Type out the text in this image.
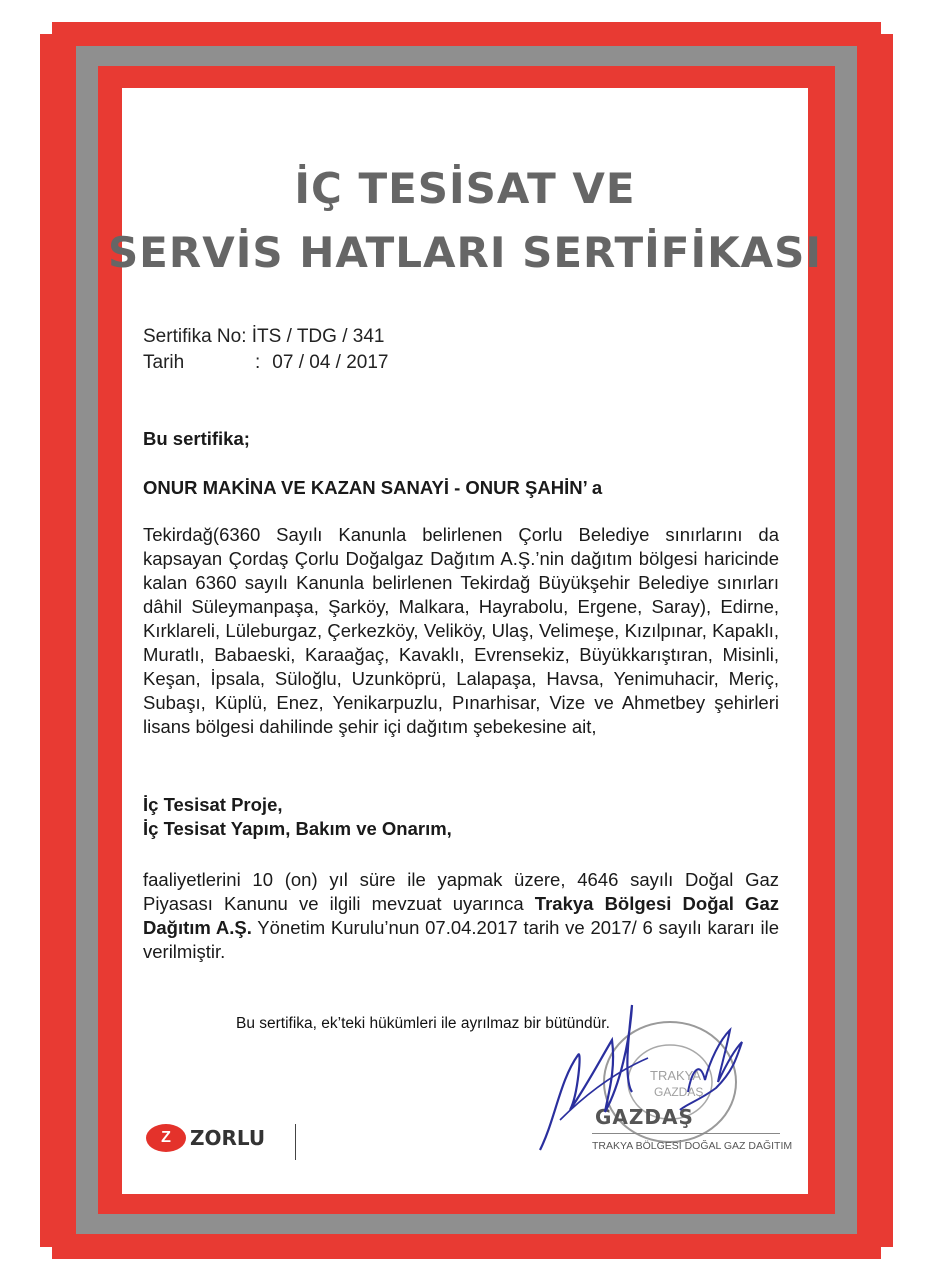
İÇ TESİSAT VE
SERVİS HATLARI SERTİFİKASI
Sertifika No: İTS / TDG / 341
Tarih	: 07 / 04 / 2017
Bu sertifika;
ONUR MAKİNA VE KAZAN SANAYİ - ONUR ŞAHİN’ a
Tekirdağ(6360 Sayılı Kanunla belirlenen Çorlu Belediye sınırlarını da kapsayan Çordaş Çorlu Doğalgaz Dağıtım A.Ş.’nin dağıtım bölgesi haricinde kalan 6360 sayılı Kanunla belirlenen Tekirdağ Büyükşehir Belediye sınırları dâhil Süleymanpaşa, Şarköy, Malkara, Hayrabolu, Ergene, Saray), Edirne, Kırklareli, Lüleburgaz, Çerkezköy, Veliköy, Ulaş, Velimeşe, Kızılpınar, Kapaklı, Muratlı, Babaeski, Karaağaç, Kavaklı, Evrensekiz, Büyükkarıştıran, Misinli, Keşan, İpsala, Süloğlu, Uzunköprü, Lalapaşa, Havsa, Yenimuhacir, Meriç, Subaşı, Küplü, Enez, Yenikarpuzlu, Pınarhisar, Vize ve Ahmetbey şehirleri lisans bölgesi dahilinde şehir içi dağıtım şebekesine ait,
İç Tesisat Proje,
İç Tesisat Yapım, Bakım ve Onarım,
faaliyetlerini 10 (on) yıl süre ile yapmak üzere, 4646 sayılı Doğal Gaz Piyasası Kanunu ve ilgili mevzuat uyarınca Trakya Bölgesi Doğal Gaz Dağıtım A.Ş. Yönetim Kurulu’nun 07.04.2017 tarih ve 2017/ 6 sayılı kararı ile verilmiştir.
Bu sertifika, ek’teki hükümleri ile ayrılmaz bir bütündür.
Z ZORLU
TRAKYA
GAZDAŞ
GAZDAŞ
TRAKYA BÖLGESİ DOĞAL GAZ DAĞITIM
